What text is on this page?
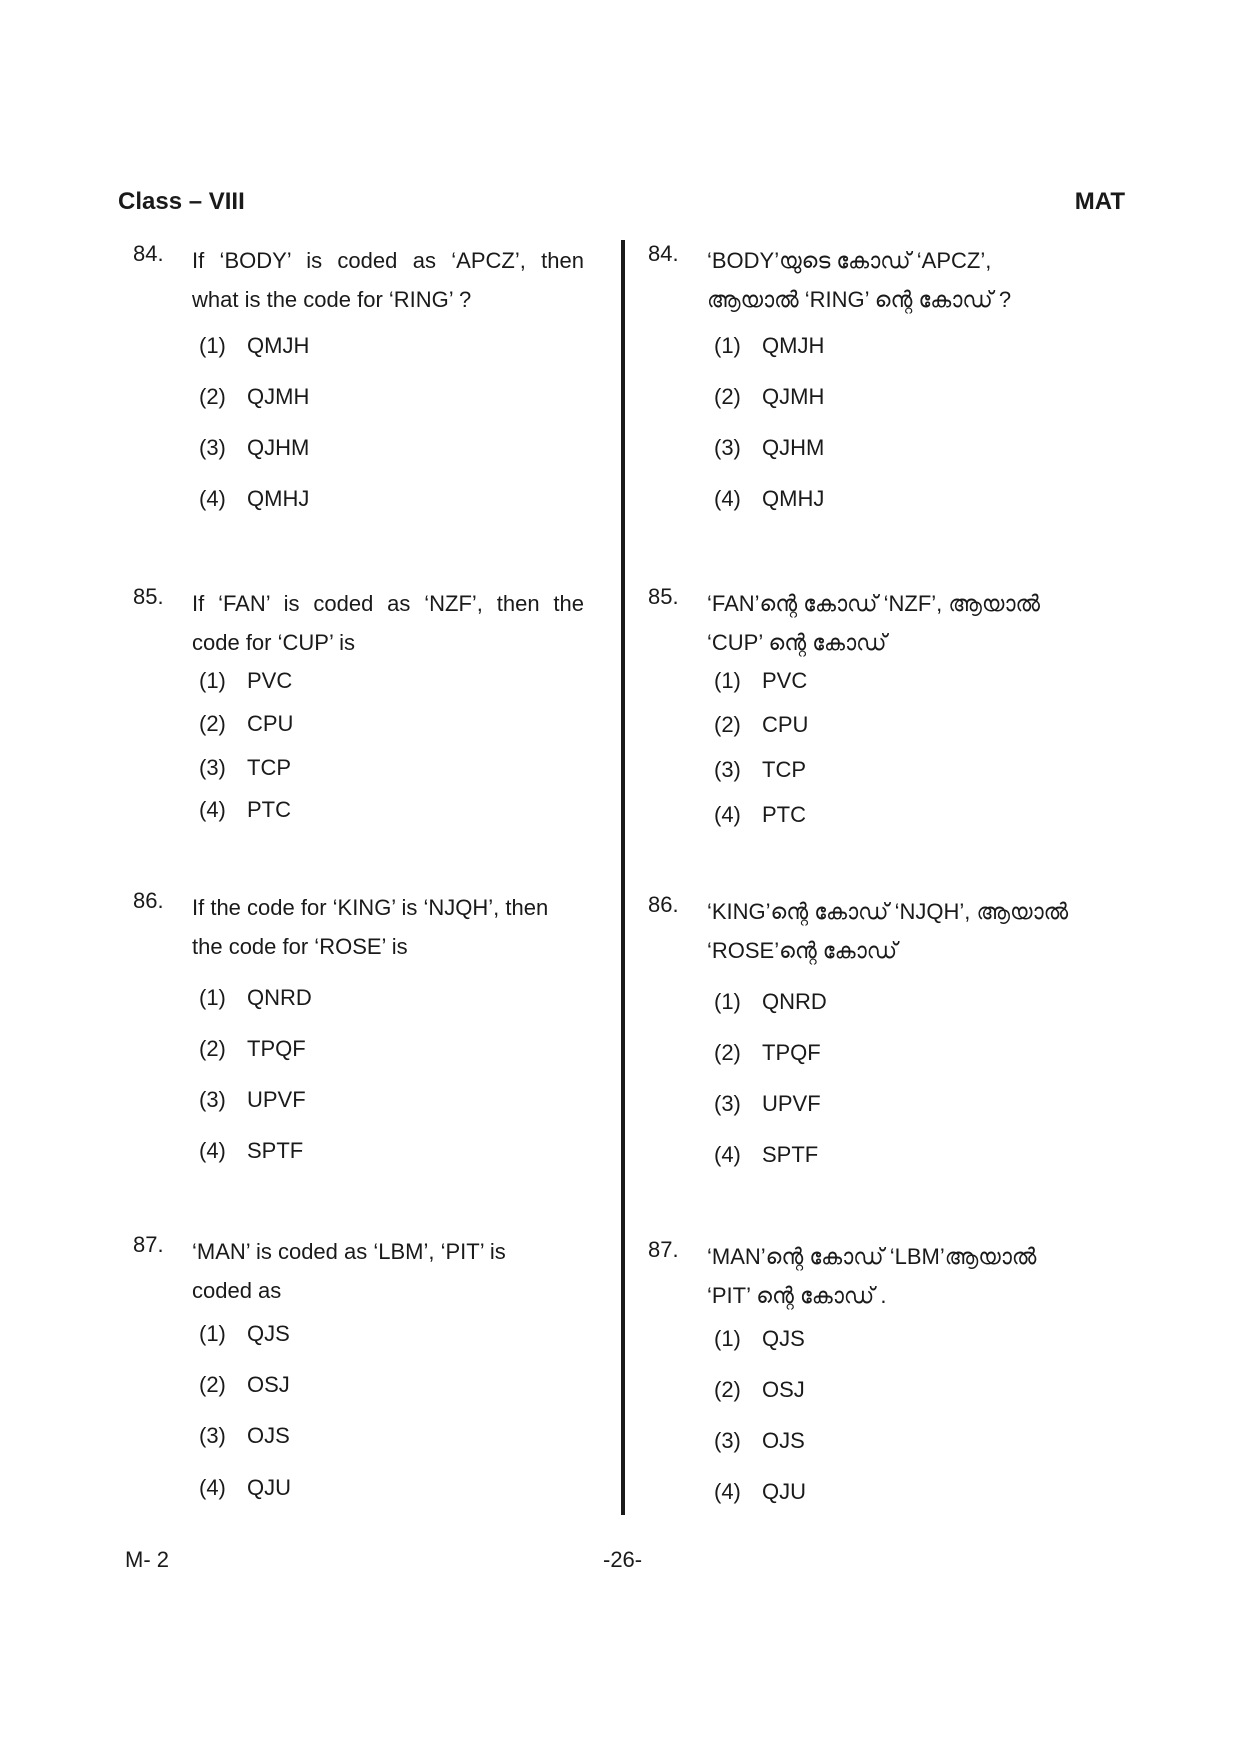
Class – VIII	MAT
84. If ‘BODY’ is coded as ‘APCZ’, then
what is the code for ‘RING’ ?
(1) QMJH
(2) QJMH
(3) QJHM
(4) QMHJ
85. If ‘FAN’ is coded as ‘NZF’, then the
code for ‘CUP’ is
(1) PVC
(2) CPU
(3) TCP
(4) PTC
86. If the code for ‘KING’ is ‘NJQH’, then
the code for ‘ROSE’ is
(1) QNRD
(2) TPQF
(3) UPVF
(4) SPTF
87. ‘MAN’ is coded as ‘LBM’, ‘PIT’ is
coded as
(1) QJS
(2) OSJ
(3) OJS
(4) QJU
84. ‘BODY’യുടെ കോഡ് ‘APCZ’,
ആയാൽ ‘RING’ ന്റെ കോഡ് ?
(1) QMJH
(2) QJMH
(3) QJHM
(4) QMHJ
85. ‘FAN’ന്റെ കോഡ് ‘NZF’, ആയാൽ
‘CUP’ ന്റെ കോഡ്
(1) PVC
(2) CPU
(3) TCP
(4) PTC
86. ‘KING’ന്റെ കോഡ് ‘NJQH’, ആയാൽ
‘ROSE’ന്റെ കോഡ്
(1) QNRD
(2) TPQF
(3) UPVF
(4) SPTF
87. ‘MAN’ന്റെ കോഡ് ‘LBM’ആയാൽ
‘PIT’ ന്റെ കോഡ് .
(1) QJS
(2) OSJ
(3) OJS
(4) QJU
M- 2	-26-
